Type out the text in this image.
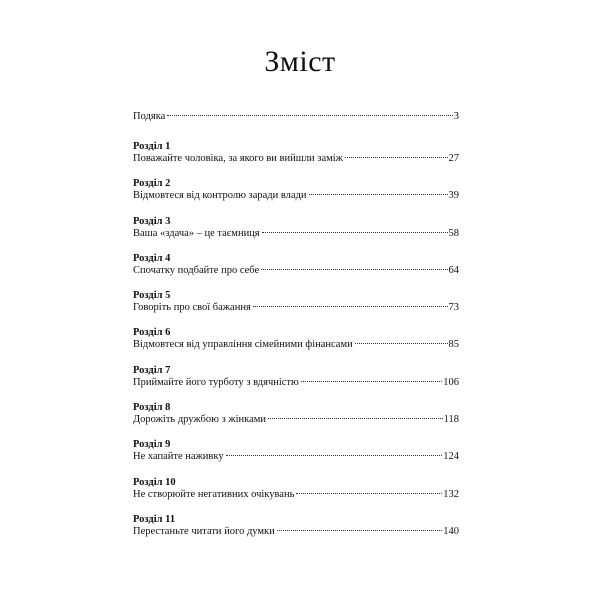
Зміст
Подяка	3
Розділ 1
Поважайте чоловіка, за якого ви вийшли заміж	27
Розділ 2
Відмовтеся від контролю заради влади	39
Розділ 3
Ваша «здача» – це таємниця	58
Розділ 4
Спочатку подбайте про себе	64
Розділ 5
Говоріть про свої бажання	73
Розділ 6
Відмовтеся від управління сімейними фінансами	85
Розділ 7
Приймайте його турботу з вдячністю	106
Розділ 8
Дорожіть дружбою з жінками	118
Розділ 9
Не хапайте наживку	124
Розділ 10
Не створюйте негативних очікувань	132
Розділ 11
Перестаньте читати його думки	140
